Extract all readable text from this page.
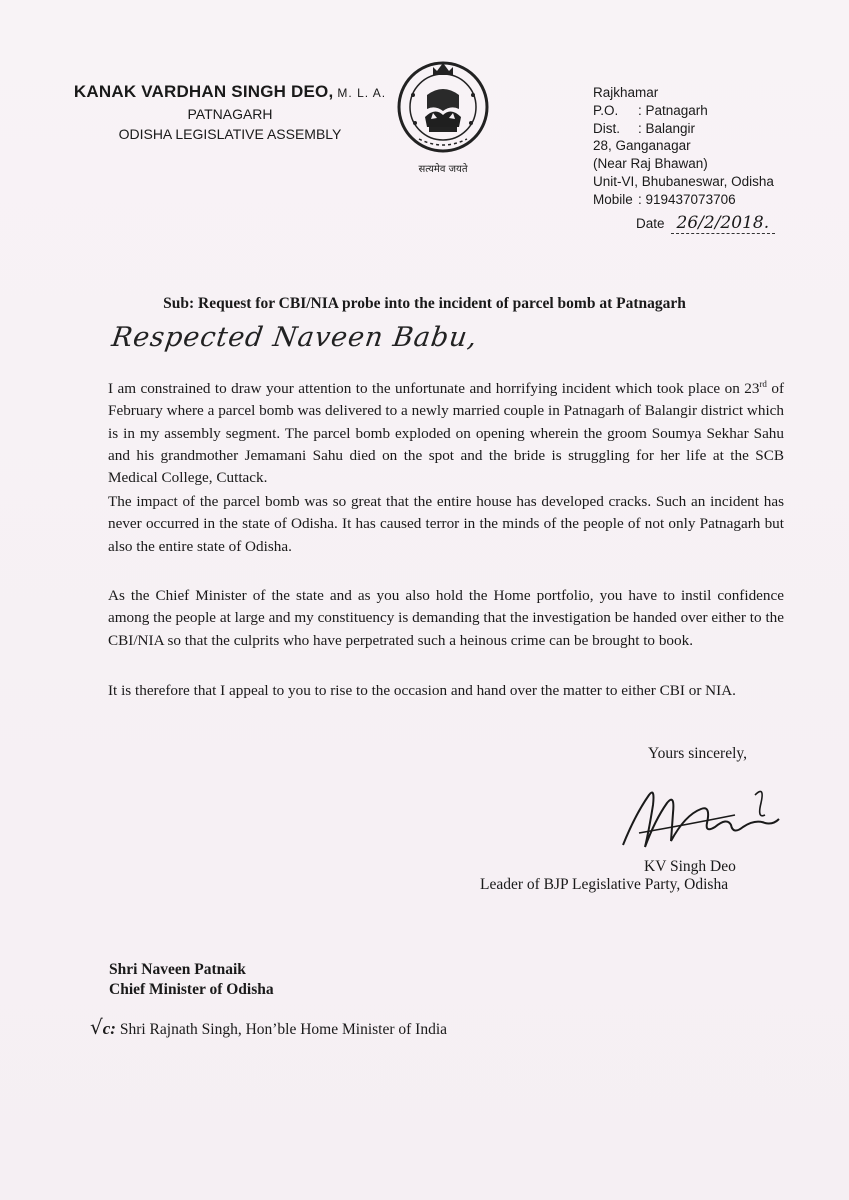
KANAK VARDHAN SINGH DEO, M. L. A.
PATNAGARH
ODISHA LEGISLATIVE ASSEMBLY
सत्यमेव जयते
Rajkhamar
P.O. : Patnagarh
Dist. : Balangir
28, Ganganagar
(Near Raj Bhawan)
Unit-VI, Bhubaneswar, Odisha
Mobile : 919437073706
Date 26/2/2018.
Sub: Request for CBI/NIA probe into the incident of parcel bomb at Patnagarh
Respected Naveen Babu,

I am constrained to draw your attention to the unfortunate and horrifying incident which took place on 23rd of February where a parcel bomb was delivered to a newly married couple in Patnagarh of Balangir district which is in my assembly segment. The parcel bomb exploded on opening wherein the groom Soumya Sekhar Sahu and his grandmother Jemamani Sahu died on the spot and the bride is struggling for her life at the SCB Medical College, Cuttack.

The impact of the parcel bomb was so great that the entire house has developed cracks. Such an incident has never occurred in the state of Odisha. It has caused terror in the minds of the people of not only Patnagarh but also the entire state of Odisha.

As the Chief Minister of the state and as you also hold the Home portfolio, you have to instil confidence among the people at large and my constituency is demanding that the investigation be handed over either to the CBI/NIA so that the culprits who have perpetrated such a heinous crime can be brought to book.

It is therefore that I appeal to you to rise to the occasion and hand over the matter to either CBI or NIA.

Yours sincerely,
KV Singh Deo
Leader of BJP Legislative Party, Odisha
Shri Naveen Patnaik
Chief Minister of Odisha
√c: Shri Rajnath Singh, Hon’ble Home Minister of India
